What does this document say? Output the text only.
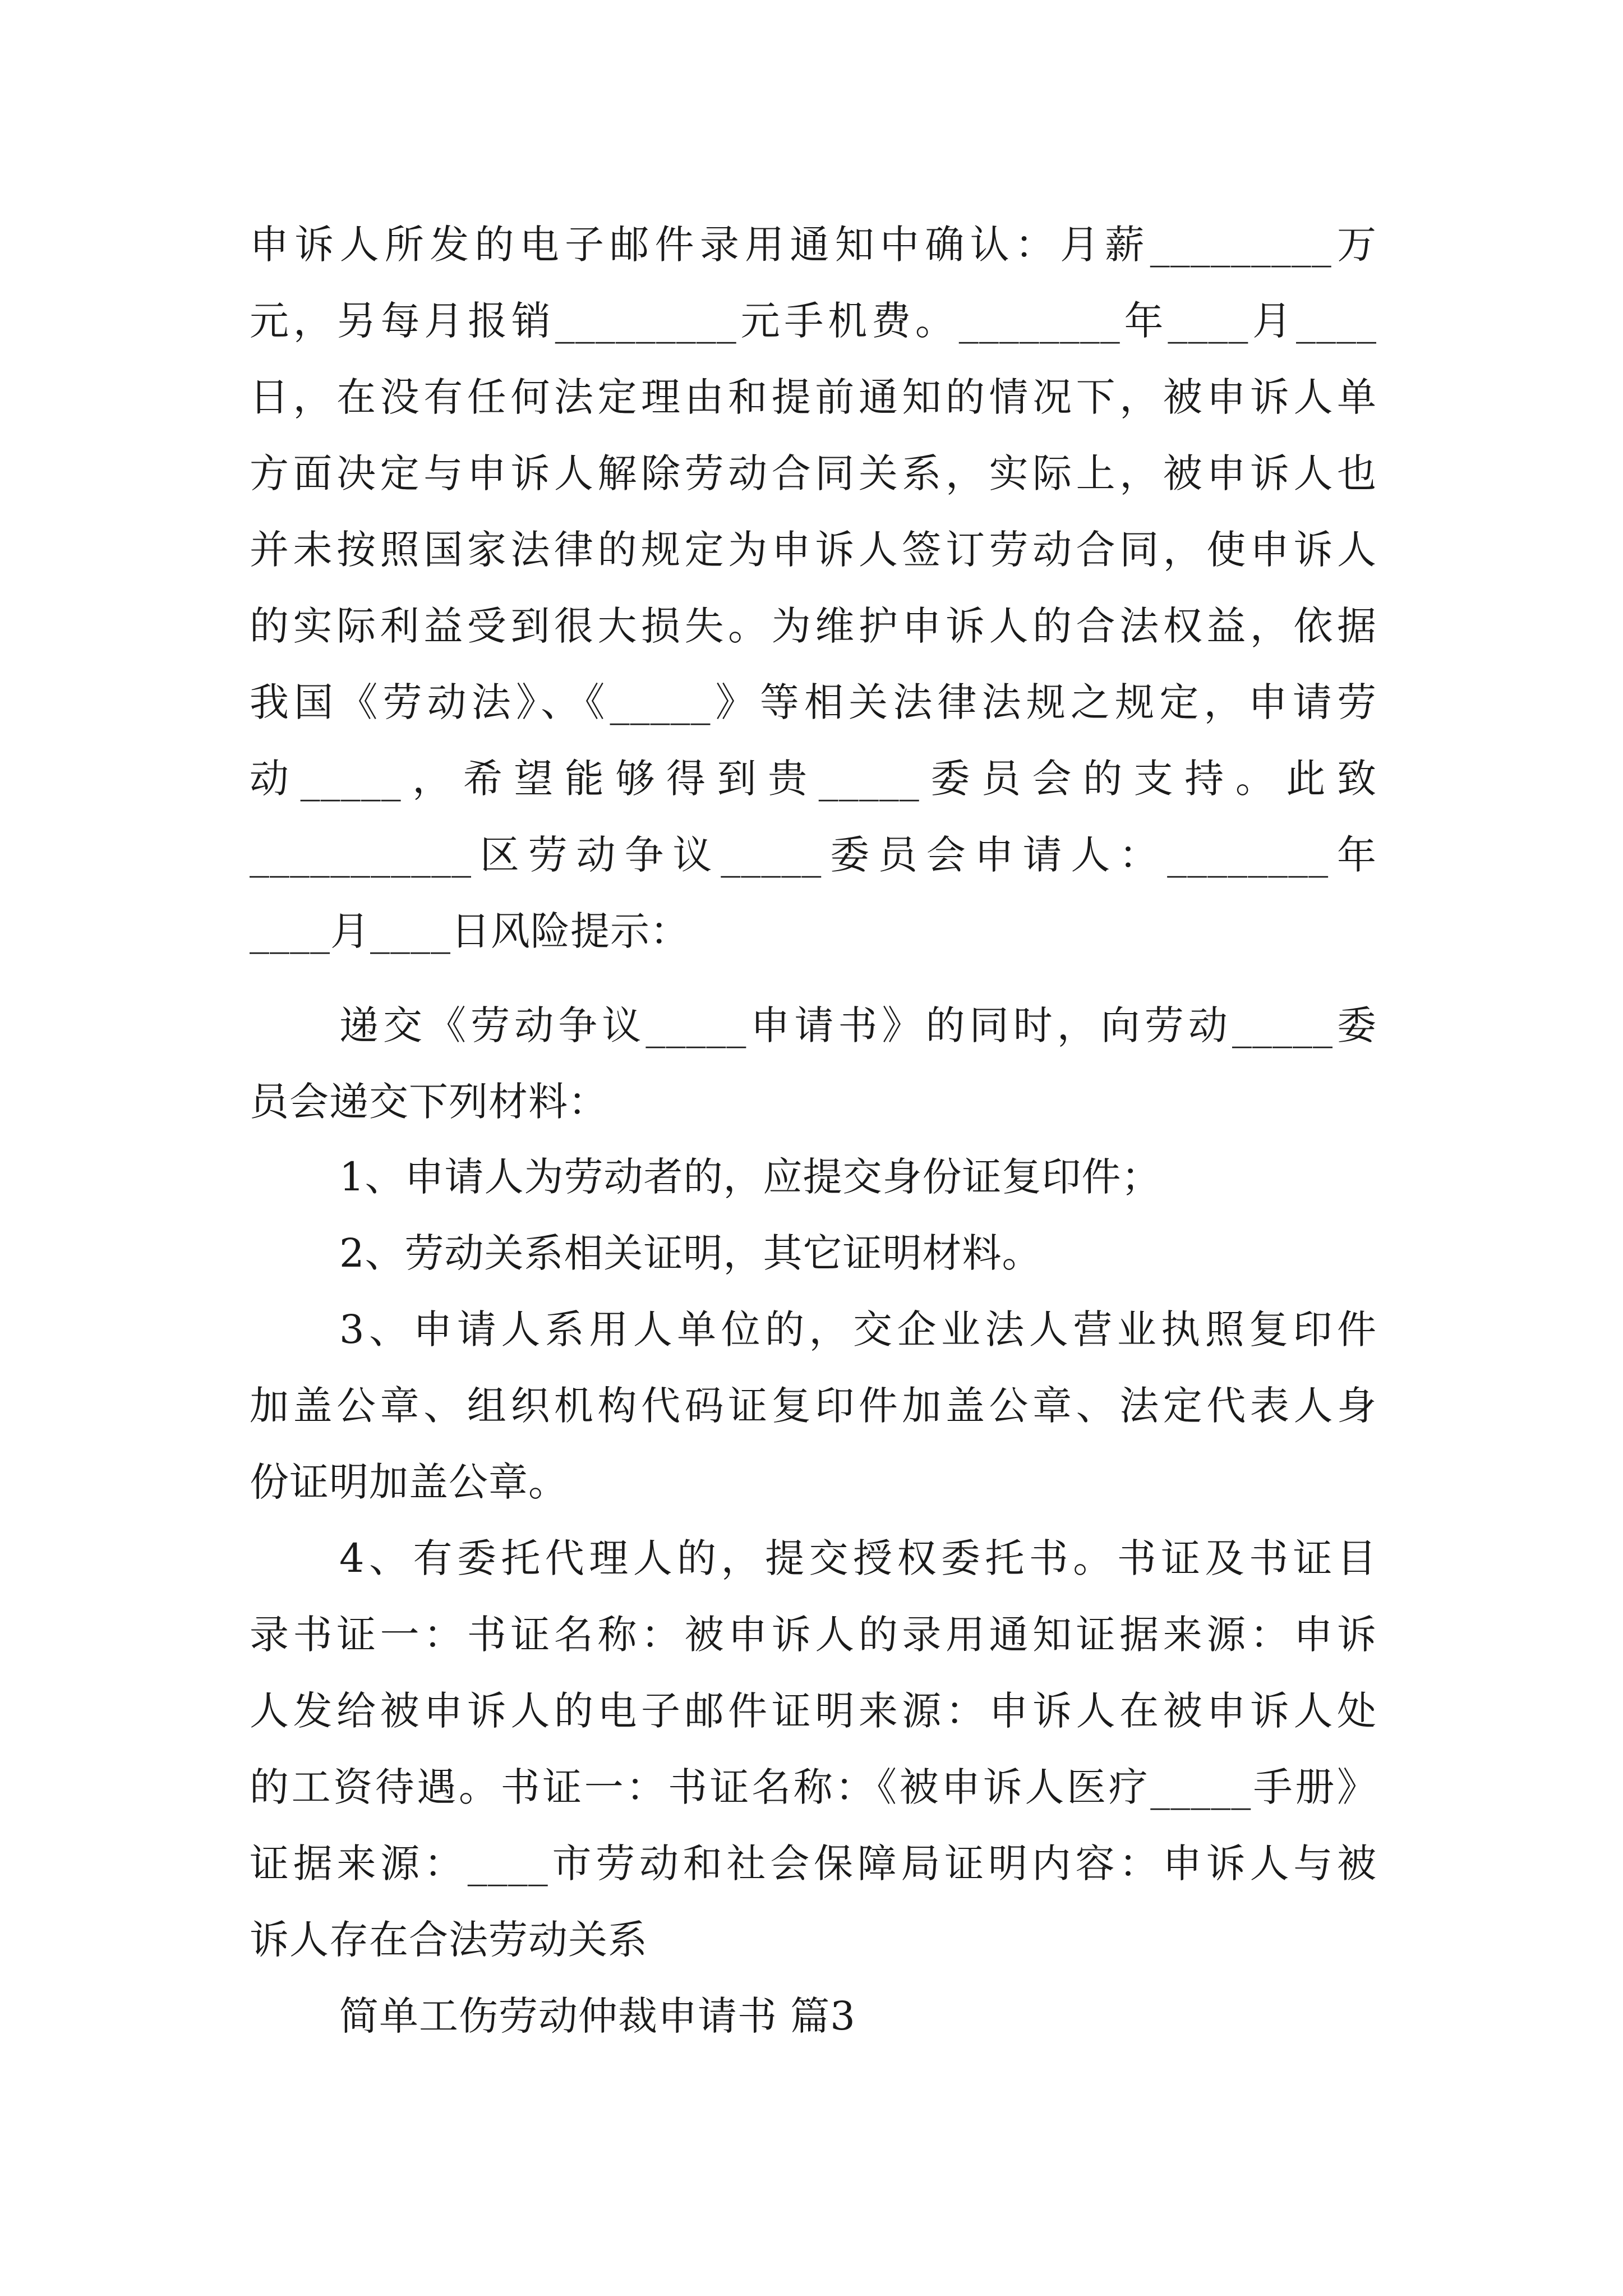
申诉人所发的电子邮件录用通知中确认：月薪_________万
元，另每月报销_________元手机费。________年____月____
日，在没有任何法定理由和提前通知的情况下，被申诉人单
方面决定与申诉人解除劳动合同关系，实际上，被申诉人也
并未按照国家法律的规定为申诉人签订劳动合同，使申诉人
的实际利益受到很大损失。为维护申诉人的合法权益，依据
我国《劳动法》、《_____》等相关法律法规之规定，申请劳
动_____，希望能够得到贵_____委员会的支持。此致
___________区劳动争议_____委员会申请人：________年
____月____日风险提示：
递交《劳动争议_____申请书》的同时，向劳动_____委
员会递交下列材料：
1、申请人为劳动者的，应提交身份证复印件；
2、劳动关系相关证明，其它证明材料。
3、申请人系用人单位的，交企业法人营业执照复印件
加盖公章、组织机构代码证复印件加盖公章、法定代表人身
份证明加盖公章。
4、有委托代理人的，提交授权委托书。书证及书证目
录书证一：书证名称：被申诉人的录用通知证据来源：申诉
人发给被申诉人的电子邮件证明来源：申诉人在被申诉人处
的工资待遇。书证一：书证名称：《被申诉人医疗_____手册》
证据来源：____市劳动和社会保障局证明内容：申诉人与被
诉人存在合法劳动关系
简单工伤劳动仲裁申请书 篇3
